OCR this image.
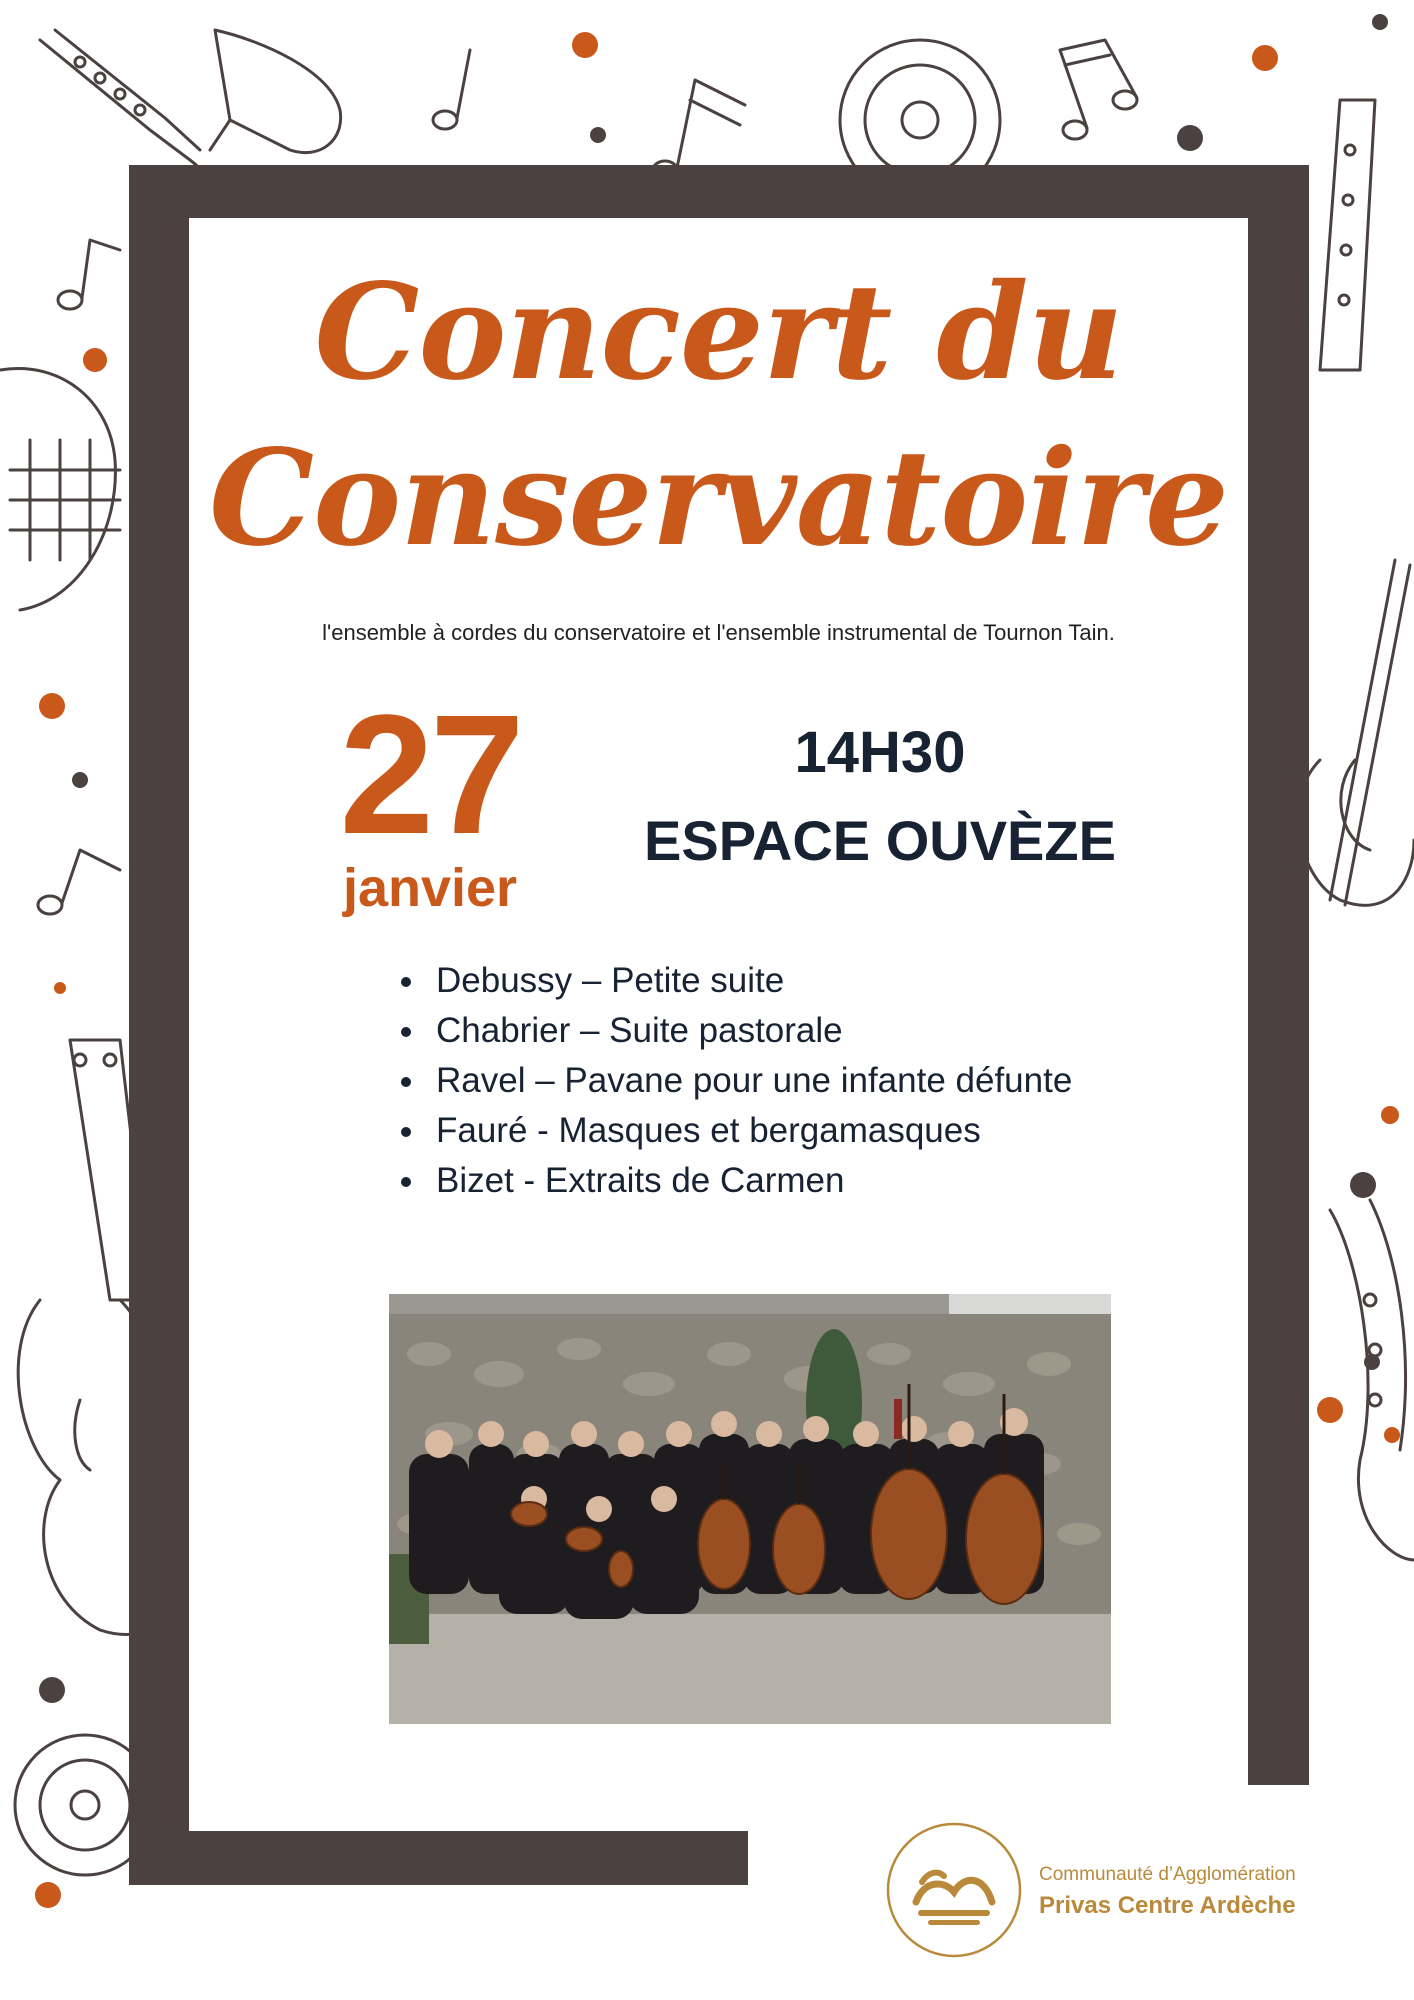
Concert du
Conservatoire
l'ensemble à cordes du conservatoire et l'ensemble instrumental de Tournon Tain.
27
janvier
14H30
ESPACE OUVÈZE
• Debussy – Petite suite
• Chabrier – Suite pastorale
• Ravel – Pavane pour une infante défunte
• Fauré - Masques et bergamasques
• Bizet - Extraits de Carmen
Communauté d’Agglomération
Privas Centre Ardèche
